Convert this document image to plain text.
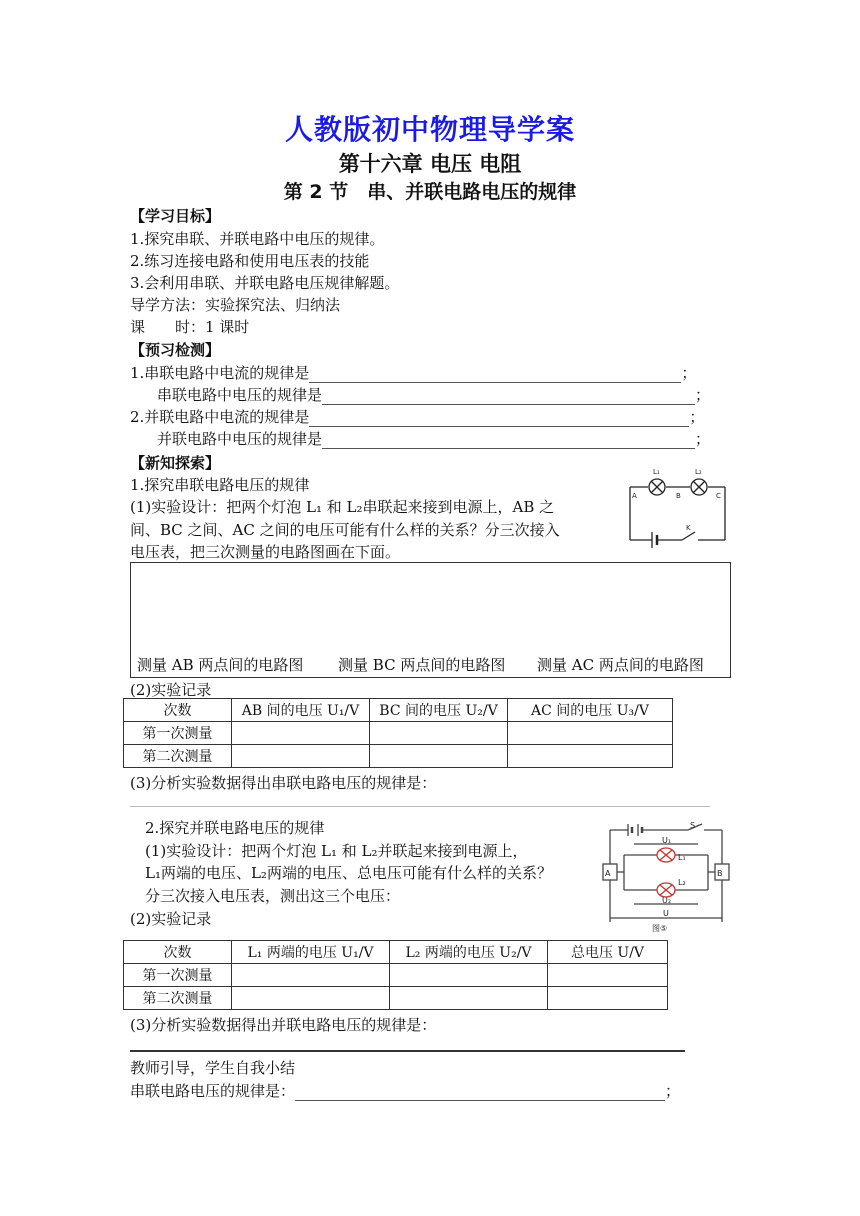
人教版初中物理导学案
第十六章 电压 电阻
第 2 节　串、并联电路电压的规律
【学习目标】
1.探究串联、并联电路中电压的规律。
2.练习连接电路和使用电压表的技能
3.会利用串联、并联电路电压规律解题。
导学方法：实验探究法、归纳法
课　　时：1 课时
【预习检测】
1.串联电路中电流的规律是	；
串联电路中电压的规律是	；
2.并联电路中电流的规律是	；
并联电路中电压的规律是	；
【新知探索】
1.探究串联电路电压的规律
(1)实验设计：把两个灯泡 L₁ 和 L₂串联起来接到电源上，AB 之
间、BC 之间、AC 之间的电压可能有什么样的关系？分三次接入
电压表，把三次测量的电路图画在下面。
L₁	L₂
A	B	C
K
测量 AB 两点间的电路图 测量 BC 两点间的电路图 测量 AC 两点间的电路图
(2)实验记录
次数	AB 间的电压 U₁/V	BC 间的电压 U₂/V	AC 间的电压 U₃/V
第一次测量			
第二次测量			
(3)分析实验数据得出串联电路电压的规律是：
2.探究并联电路电压的规律
(1)实验设计：把两个灯泡 L₁ 和 L₂并联起来接到电源上，
L₁两端的电压、L₂两端的电压、总电压可能有什么样的关系？
分三次接入电压表，测出这三个电压：
(2)实验记录
S
U₁
L₁
L₂
U₂
U
A	B
图⑤
次数	L₁ 两端的电压 U₁/V	L₂ 两端的电压 U₂/V	总电压 U/V
第一次测量			
第二次测量			
(3)分析实验数据得出并联电路电压的规律是：
教师引导，学生自我小结
串联电路电压的规律是：	；
